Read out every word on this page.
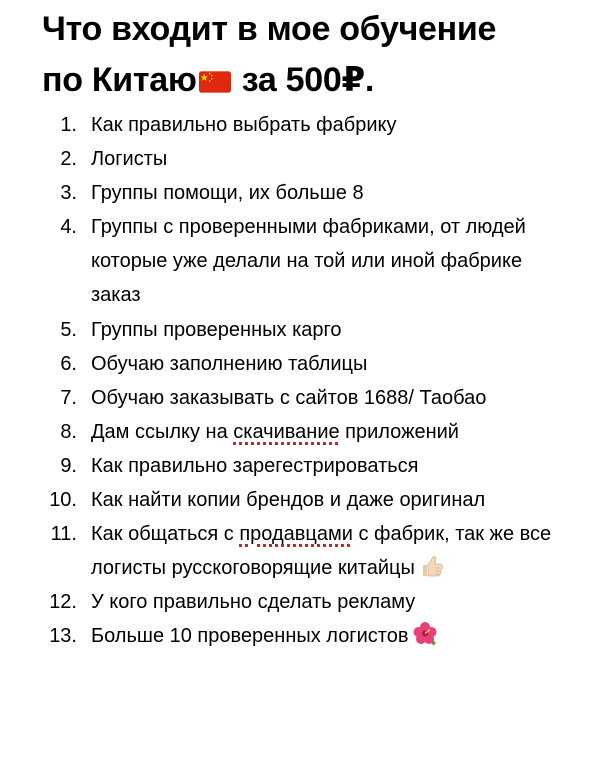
Что входит в мое обучение
по Китаю
за 500₽.
1. Как правильно выбрать фабрику
2. Логисты
3. Группы помощи, их больше 8
4. Группы с проверенными фабриками, от людей которые уже делали на той или иной фабрике заказ
5. Группы проверенных карго
6. Обучаю заполнению таблицы
7. Обучаю заказывать с сайтов 1688/ Таобао
8. Дам ссылку на скачивание приложений
9. Как правильно зарегестрироваться
10. Как найти копии брендов и даже оригинал
11. Как общаться с продавцами с фабрик, так же все логисты русскоговорящие китайцы
12. У кого правильно сделать рекламу
13. Больше 10 проверенных логистов
